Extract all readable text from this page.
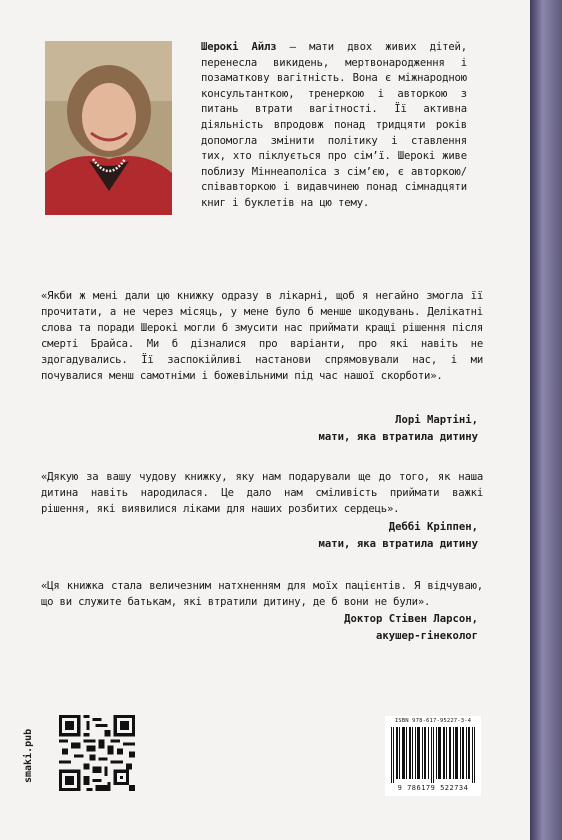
Шерокі Айлз — мати двох живих дітей, перенесла викидень, мертвонародження і позаматкову вагітність. Вона є міжнародною консультанткою, тренеркою і авторкою з питань втрати вагітності. Її активна діяльність впродовж понад тридцяти років допомогла змінити політику і ставлення тих, хто піклується про сім’ї. Шерокі живе поблизу Міннеаполіса з сім’єю, є авторкою/співавторкою і видавчинею понад сімнадцяти книг і буклетів на цю тему.
«Якби ж мені дали цю книжку одразу в лікарні, щоб я негайно змогла її прочитати, а не через місяць, у мене було б менше шкодувань. Делікатні слова та поради Шерокі могли б змусити нас приймати кращі рішення після смерті Брайса. Ми б дізналися про варіанти, про які навіть не здогадувались. Її заспокійливі настанови спрямовували нас, і ми почувалися менш самотніми і божевільними під час нашої скорботи».
Лорі Мартіні,
мати, яка втратила дитину
«Дякую за вашу чудову книжку, яку нам подарували ще до того, як наша дитина навіть народилася. Це дало нам сміливість приймати важкі рішення, які виявилися ліками для наших розбитих сердець».
Деббі Кріппен,
мати, яка втратила дитину
«Ця книжка стала величезним натхненням для моїх пацієнтів. Я відчуваю, що ви служите батькам, які втратили дитину, де б вони не були».
Доктор Стівен Ларсон,
акушер-гінеколог
smaki.pub
ISBN 978-617-95227-3-4
9 786179 522734
